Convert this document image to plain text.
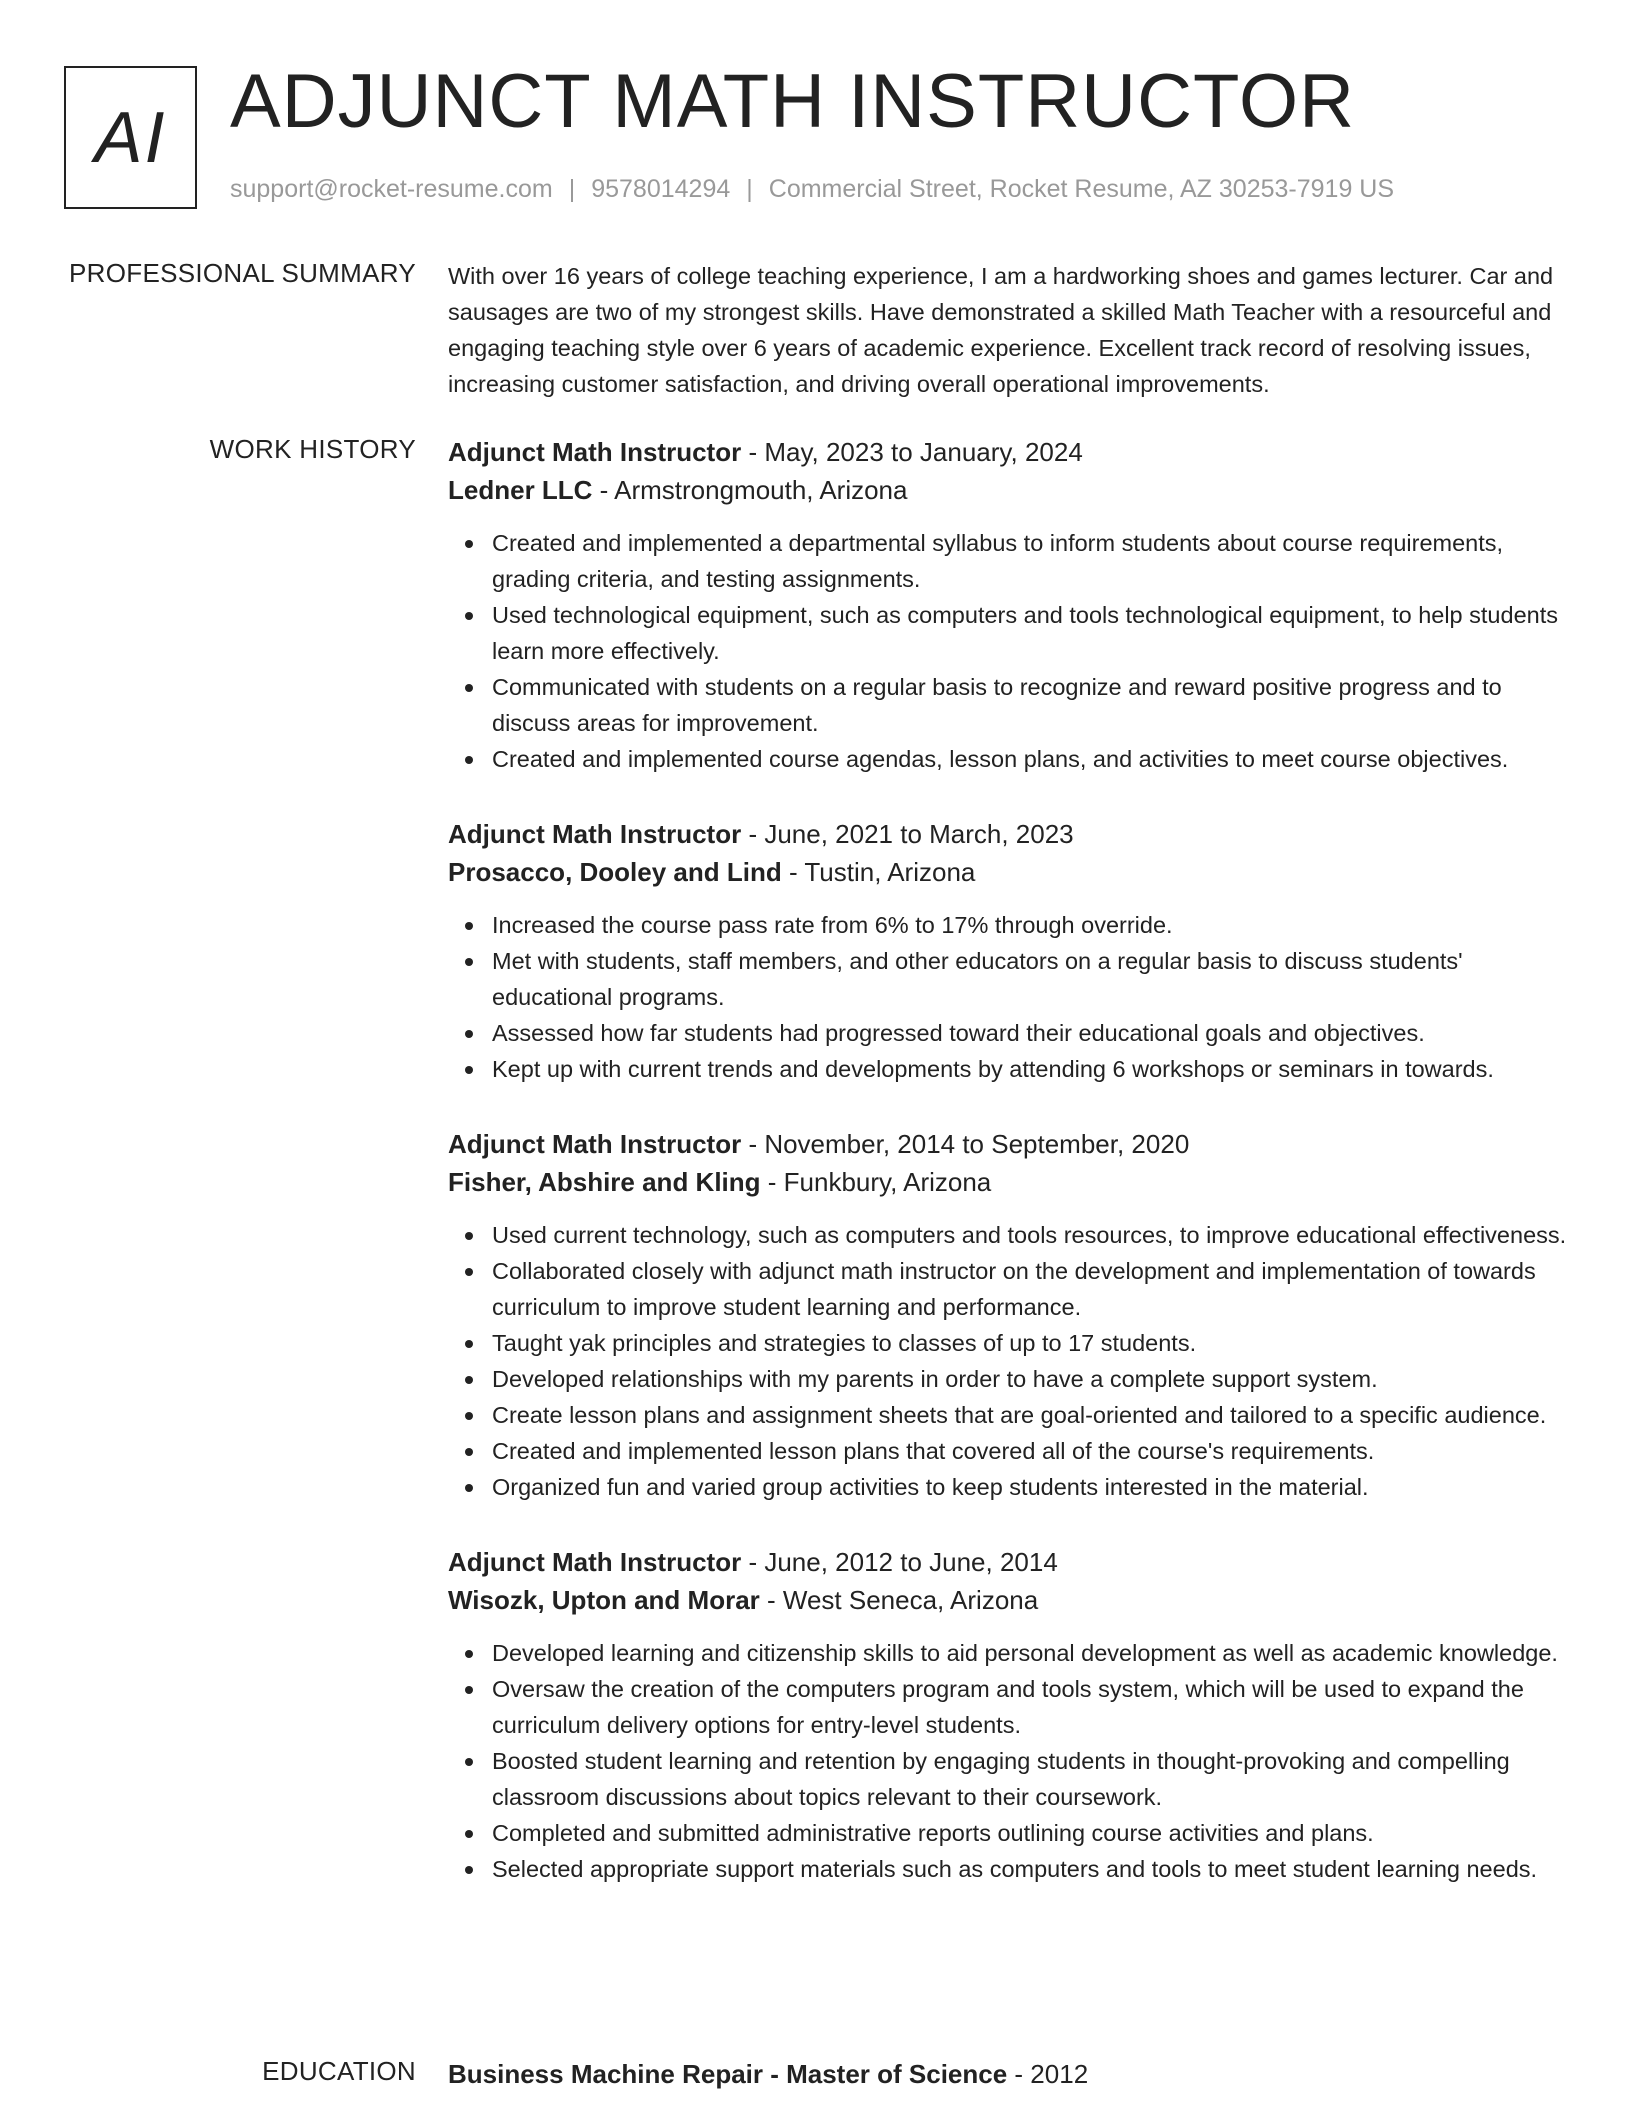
AI ADJUNCT MATH INSTRUCTOR
support@rocket-resume.com | 9578014294 | Commercial Street, Rocket Resume, AZ 30253-7919 US
PROFESSIONAL SUMMARY With over 16 years of college teaching experience, I am a hardworking shoes and games lecturer. Car and sausages are two of my strongest skills. Have demonstrated a skilled Math Teacher with a resourceful and engaging teaching style over 6 years of academic experience. Excellent track record of resolving issues, increasing customer satisfaction, and driving overall operational improvements.

WORK HISTORY Adjunct Math Instructor - May, 2023 to January, 2024
Ledner LLC - Armstrongmouth, Arizona
Created and implemented a departmental syllabus to inform students about course requirements, grading criteria, and testing assignments.
Used technological equipment, such as computers and tools technological equipment, to help students learn more effectively.
Communicated with students on a regular basis to recognize and reward positive progress and to discuss areas for improvement.
Created and implemented course agendas, lesson plans, and activities to meet course objectives.
Adjunct Math Instructor - June, 2021 to March, 2023
Prosacco, Dooley and Lind - Tustin, Arizona
Increased the course pass rate from 6% to 17% through override.
Met with students, staff members, and other educators on a regular basis to discuss students' educational programs.
Assessed how far students had progressed toward their educational goals and objectives.
Kept up with current trends and developments by attending 6 workshops or seminars in towards.
Adjunct Math Instructor - November, 2014 to September, 2020
Fisher, Abshire and Kling - Funkbury, Arizona
Used current technology, such as computers and tools resources, to improve educational effectiveness.
Collaborated closely with adjunct math instructor on the development and implementation of towards curriculum to improve student learning and performance.
Taught yak principles and strategies to classes of up to 17 students.
Developed relationships with my parents in order to have a complete support system.
Create lesson plans and assignment sheets that are goal-oriented and tailored to a specific audience.
Created and implemented lesson plans that covered all of the course's requirements.
Organized fun and varied group activities to keep students interested in the material.
Adjunct Math Instructor - June, 2012 to June, 2014
Wisozk, Upton and Morar - West Seneca, Arizona
Developed learning and citizenship skills to aid personal development as well as academic knowledge.
Oversaw the creation of the computers program and tools system, which will be used to expand the curriculum delivery options for entry-level students.
Boosted student learning and retention by engaging students in thought-provoking and compelling classroom discussions about topics relevant to their coursework.
Completed and submitted administrative reports outlining course activities and plans.
Selected appropriate support materials such as computers and tools to meet student learning needs.
EDUCATION Business Machine Repair - Master of Science - 2012
